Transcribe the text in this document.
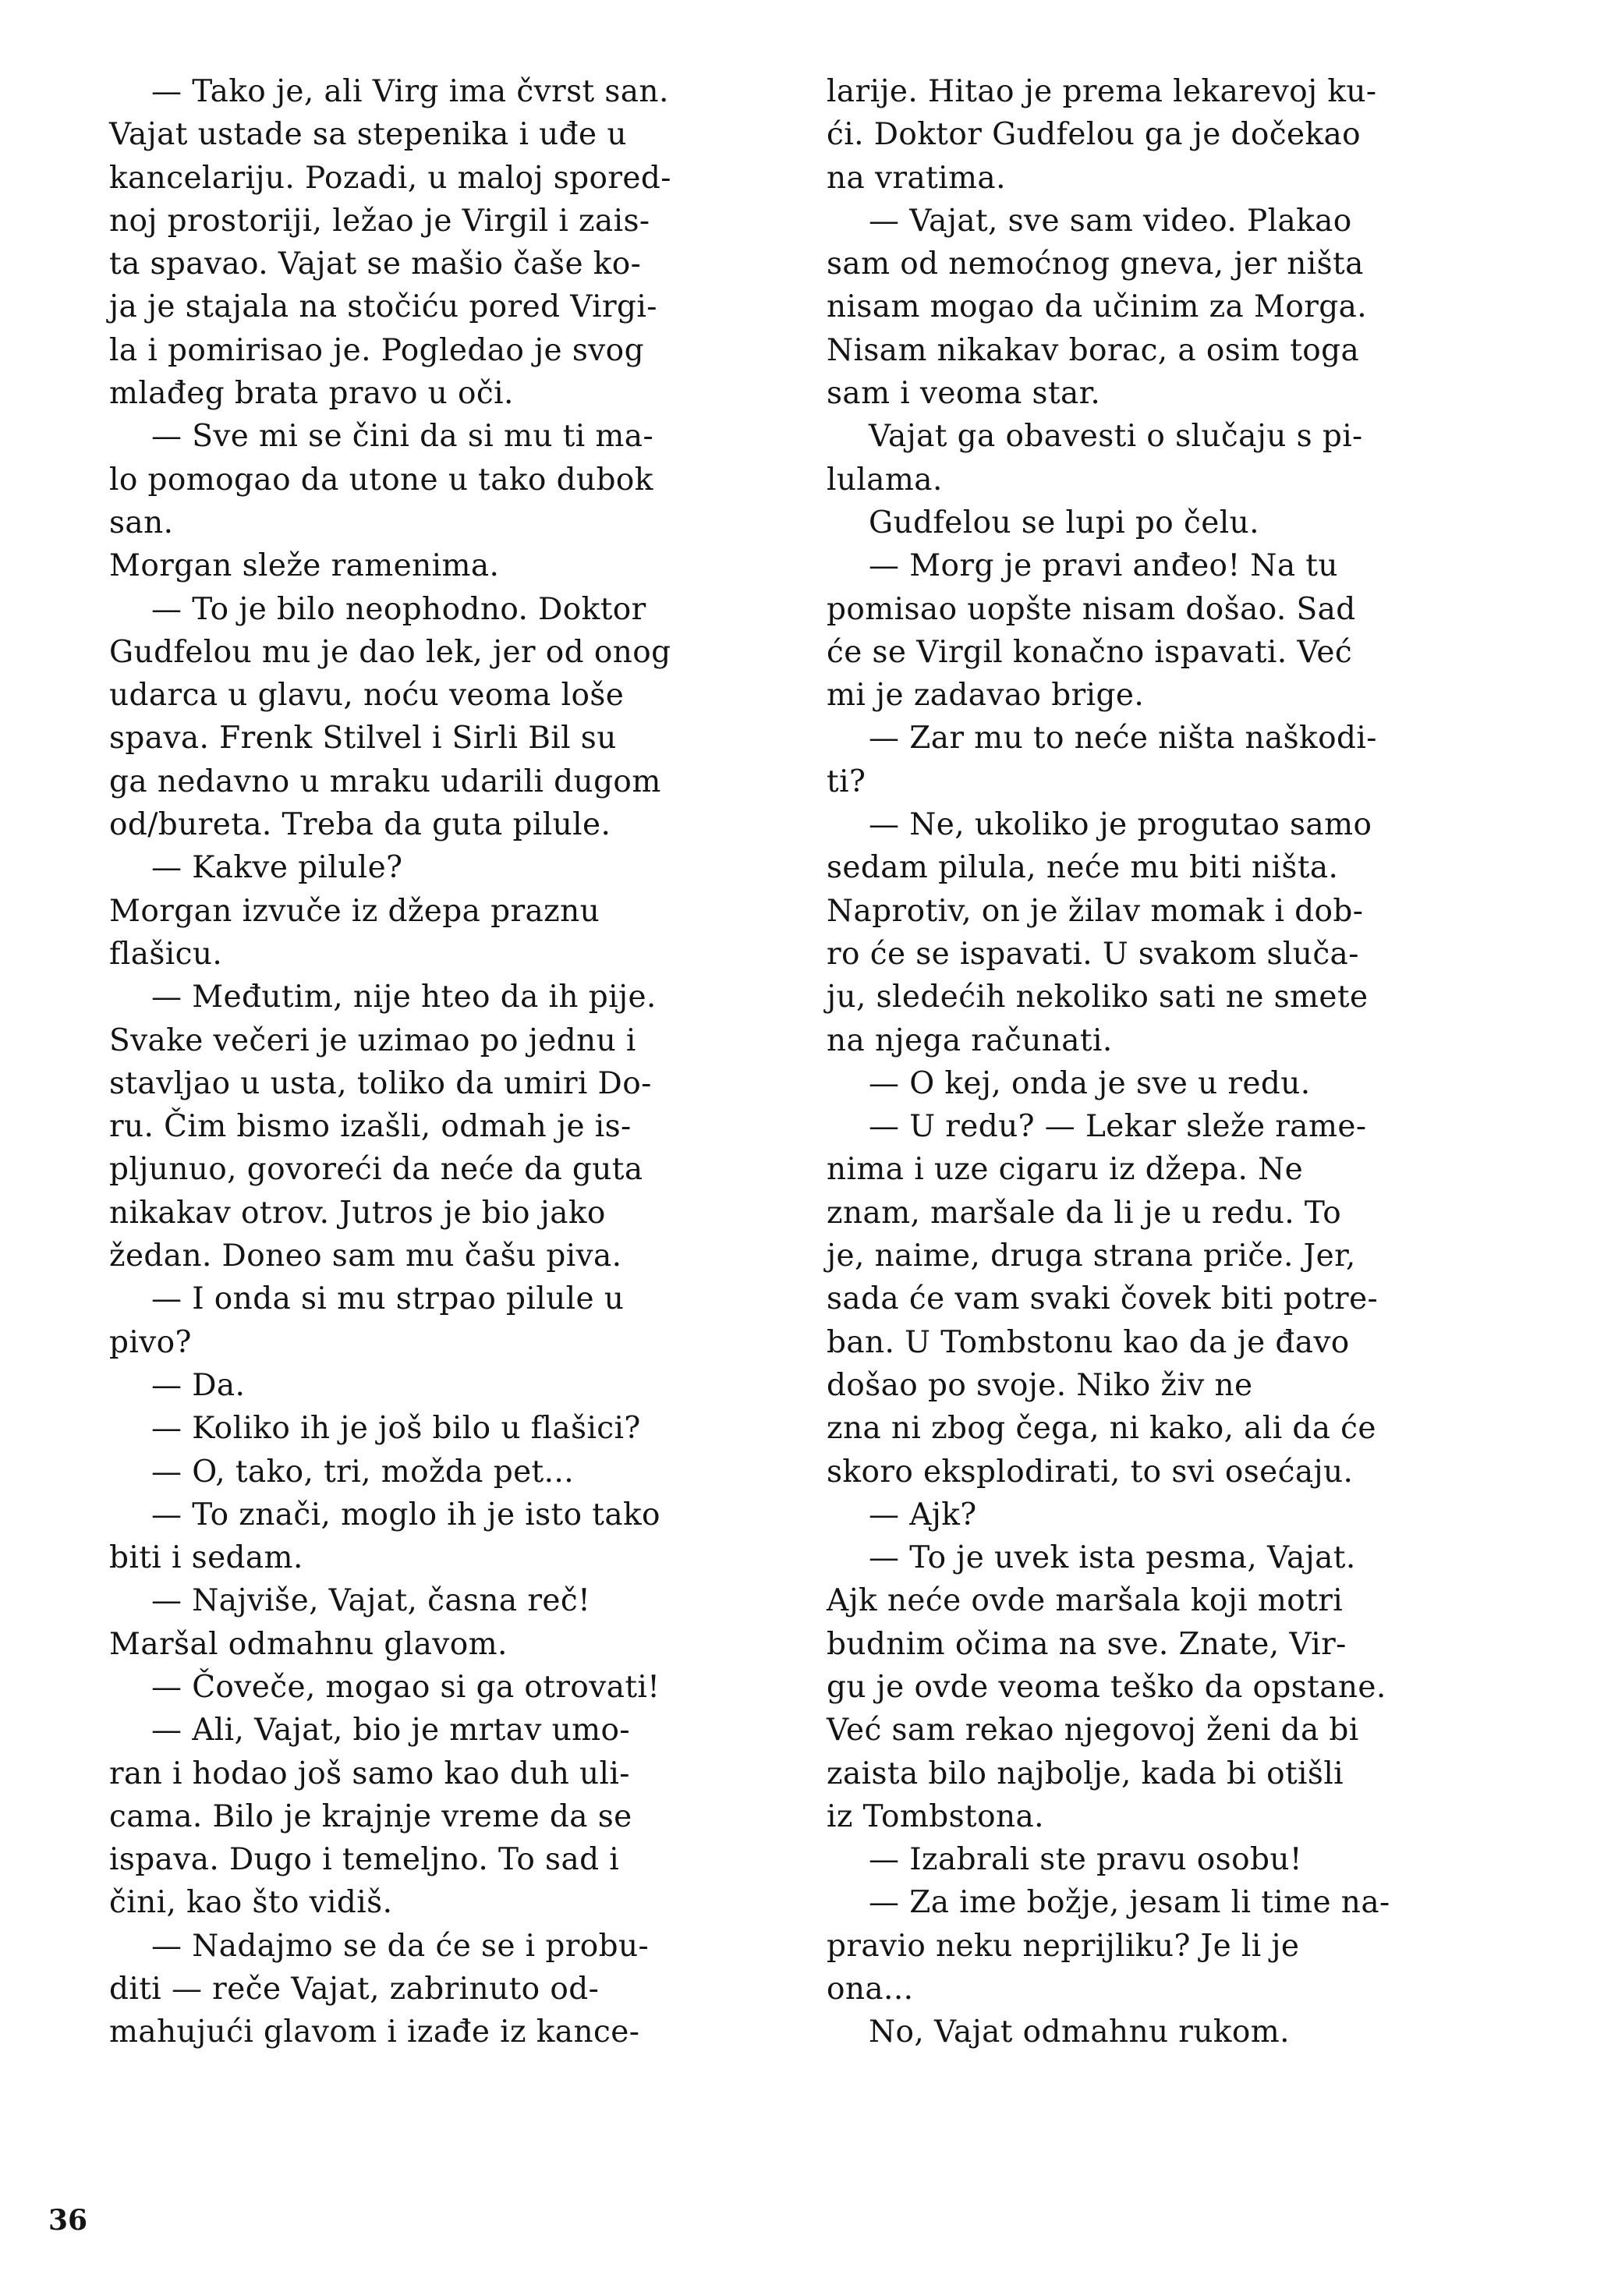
— Tako je, ali Virg ima čvrst san.
Vajat ustade sa stepenika i uđe u
kancelariju. Pozadi, u maloj spored-
noj prostoriji, ležao je Virgil i zais-
ta spavao. Vajat se mašio čaše ko-
ja je stajala na stočiću pored Virgi-
la i pomirisao je. Pogledao je svog
mlađeg brata pravo u oči.
— Sve mi se čini da si mu ti ma-
lo pomogao da utone u tako dubok
san.
Morgan sleže ramenima.
— To je bilo neophodno. Doktor
Gudfelou mu je dao lek, jer od onog
udarca u glavu, noću veoma loše
spava. Frenk Stilvel i Sirli Bil su
ga nedavno u mraku udarili dugom
od/bureta. Treba da guta pilule.
— Kakve pilule?
Morgan izvuče iz džepa praznu
flašicu.
— Međutim, nije hteo da ih pije.
Svake večeri je uzimao po jednu i
stavljao u usta, toliko da umiri Do-
ru. Čim bismo izašli, odmah je is-
pljunuo, govoreći da neće da guta
nikakav otrov. Jutros je bio jako
žedan. Doneo sam mu čašu piva.
— I onda si mu strpao pilule u
pivo?
— Da.
— Koliko ih je još bilo u flašici?
— O, tako, tri, možda pet...
— To znači, moglo ih je isto tako
biti i sedam.
— Najviše, Vajat, časna reč!
Maršal odmahnu glavom.
— Čoveče, mogao si ga otrovati!
— Ali, Vajat, bio je mrtav umo-
ran i hodao još samo kao duh uli-
cama. Bilo je krajnje vreme da se
ispava. Dugo i temeljno. To sad i
čini, kao što vidiš.
— Nadajmo se da će se i probu-
diti — reče Vajat, zabrinuto od-
mahujući glavom i izađe iz kance-
larije. Hitao je prema lekarevoj ku-
ći. Doktor Gudfelou ga je dočekao
na vratima.
— Vajat, sve sam video. Plakao
sam od nemoćnog gneva, jer ništa
nisam mogao da učinim za Morga.
Nisam nikakav borac, a osim toga
sam i veoma star.
Vajat ga obavesti o slučaju s pi-
lulama.
Gudfelou se lupi po čelu.
— Morg je pravi anđeo! Na tu
pomisao uopšte nisam došao. Sad
će se Virgil konačno ispavati. Već
mi je zadavao brige.
— Zar mu to neće ništa naškodi-
ti?
— Ne, ukoliko je progutao samo
sedam pilula, neće mu biti ništa.
Naprotiv, on je žilav momak i dob-
ro će se ispavati. U svakom sluča-
ju, sledećih nekoliko sati ne smete
na njega računati.
— O kej, onda je sve u redu.
— U redu? — Lekar sleže rame-
nima i uze cigaru iz džepa. Ne
znam, maršale da li je u redu. To
je, naime, druga strana priče. Jer,
sada će vam svaki čovek biti potre-
ban. U Tombstonu kao da je đavo
došao po svoje. Niko živ ne
zna ni zbog čega, ni kako, ali da će
skoro eksplodirati, to svi osećaju.
— Ajk?
— To je uvek ista pesma, Vajat.
Ajk neće ovde maršala koji motri
budnim očima na sve. Znate, Vir-
gu je ovde veoma teško da opstane.
Već sam rekao njegovoj ženi da bi
zaista bilo najbolje, kada bi otišli
iz Tombstona.
— Izabrali ste pravu osobu!
— Za ime božje, jesam li time na-
pravio neku neprijliku? Je li je
ona...
No, Vajat odmahnu rukom.
36
